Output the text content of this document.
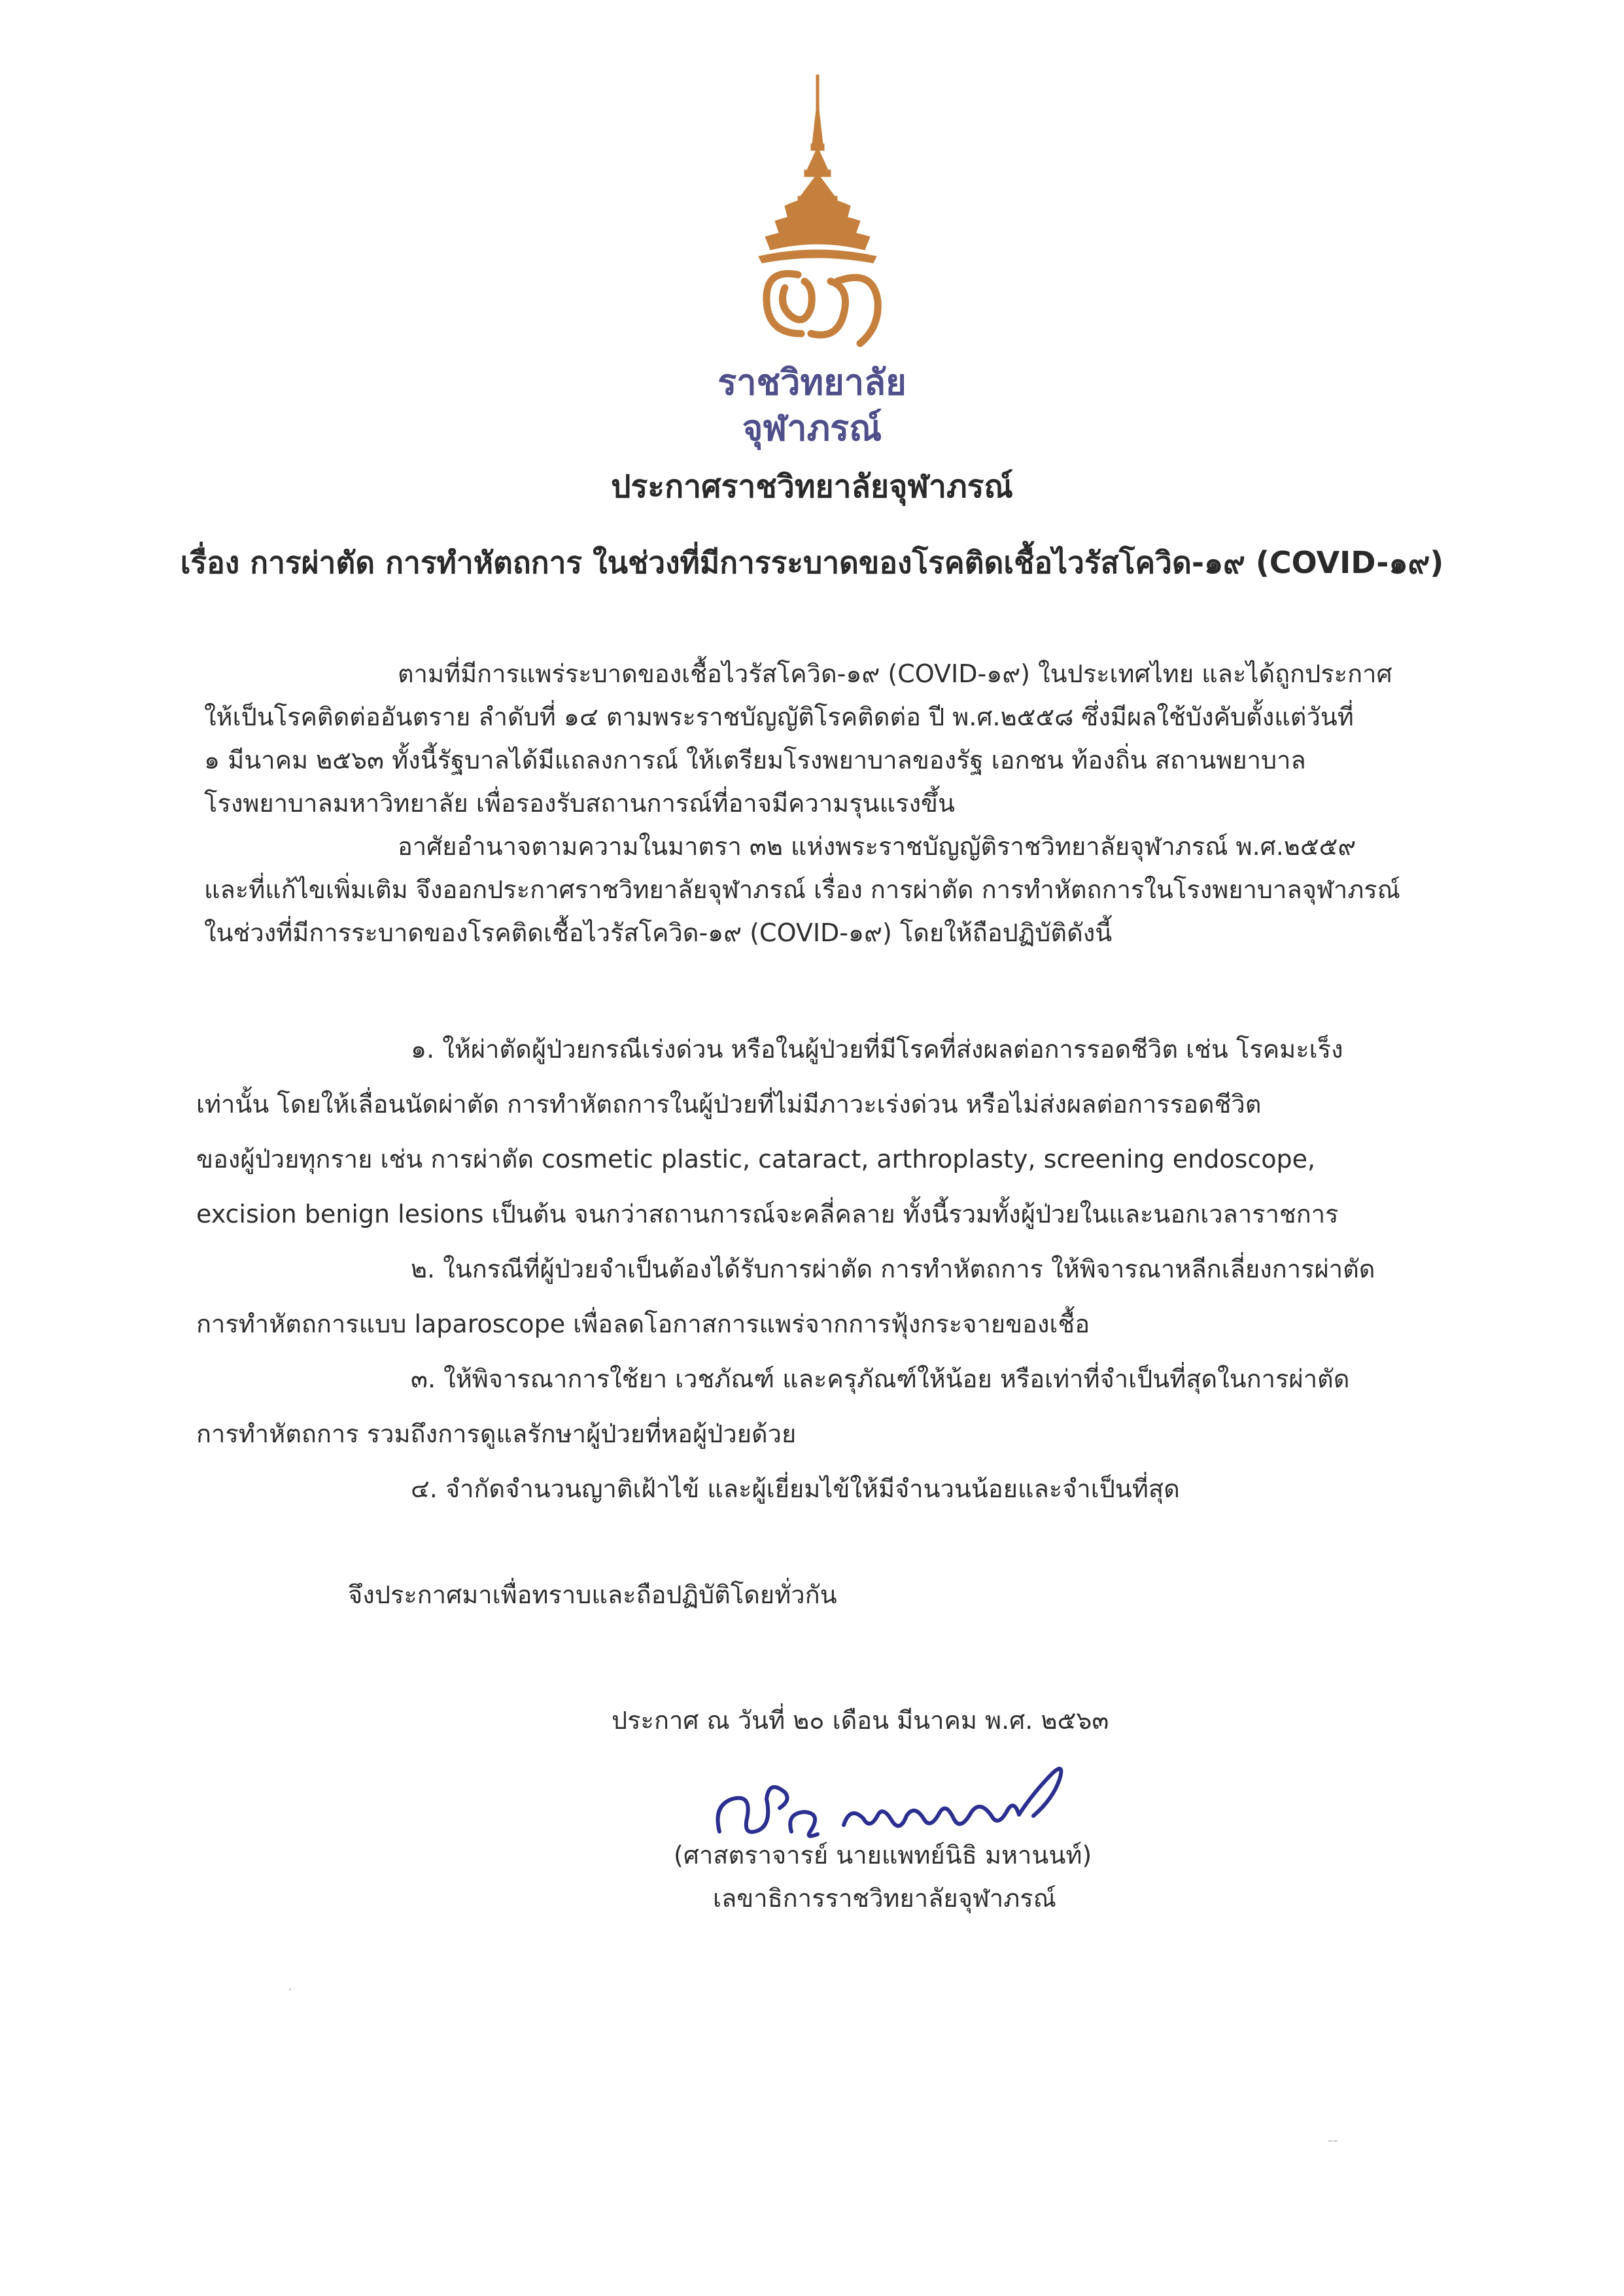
ราชวิทยาลัย
จุฬาภรณ์
ประกาศราชวิทยาลัยจุฬาภรณ์
เรื่อง การผ่าตัด การทำหัตถการ ในช่วงที่มีการระบาดของโรคติดเชื้อไวรัสโควิด-๑๙ (COVID-๑๙)
ตามที่มีการแพร่ระบาดของเชื้อไวรัสโควิด-๑๙ (COVID-๑๙) ในประเทศไทย และได้ถูกประกาศ
ให้เป็นโรคติดต่ออันตราย ลำดับที่ ๑๔ ตามพระราชบัญญัติโรคติดต่อ ปี พ.ศ.๒๕๕๘ ซึ่งมีผลใช้บังคับตั้งแต่วันที่
๑ มีนาคม ๒๕๖๓ ทั้งนี้รัฐบาลได้มีแถลงการณ์ ให้เตรียมโรงพยาบาลของรัฐ เอกชน ท้องถิ่น สถานพยาบาล
โรงพยาบาลมหาวิทยาลัย เพื่อรองรับสถานการณ์ที่อาจมีความรุนแรงขึ้น
อาศัยอำนาจตามความในมาตรา ๓๒ แห่งพระราชบัญญัติราชวิทยาลัยจุฬาภรณ์ พ.ศ.๒๕๕๙
และที่แก้ไขเพิ่มเติม จึงออกประกาศราชวิทยาลัยจุฬาภรณ์ เรื่อง การผ่าตัด การทำหัตถการในโรงพยาบาลจุฬาภรณ์
ในช่วงที่มีการระบาดของโรคติดเชื้อไวรัสโควิด-๑๙ (COVID-๑๙) โดยให้ถือปฏิบัติดังนี้
๑. ให้ผ่าตัดผู้ป่วยกรณีเร่งด่วน หรือในผู้ป่วยที่มีโรคที่ส่งผลต่อการรอดชีวิต เช่น โรคมะเร็ง
เท่านั้น โดยให้เลื่อนนัดผ่าตัด การทำหัตถการในผู้ป่วยที่ไม่มีภาวะเร่งด่วน หรือไม่ส่งผลต่อการรอดชีวิต
ของผู้ป่วยทุกราย เช่น การผ่าตัด cosmetic plastic, cataract, arthroplasty, screening endoscope,
excision benign lesions เป็นต้น จนกว่าสถานการณ์จะคลี่คลาย ทั้งนี้รวมทั้งผู้ป่วยในและนอกเวลาราชการ
๒. ในกรณีที่ผู้ป่วยจำเป็นต้องได้รับการผ่าตัด การทำหัตถการ ให้พิจารณาหลีกเลี่ยงการผ่าตัด
การทำหัตถการแบบ laparoscope เพื่อลดโอกาสการแพร่จากการฟุ้งกระจายของเชื้อ
๓. ให้พิจารณาการใช้ยา เวชภัณฑ์ และครุภัณฑ์ให้น้อย หรือเท่าที่จำเป็นที่สุดในการผ่าตัด
การทำหัตถการ รวมถึงการดูแลรักษาผู้ป่วยที่หอผู้ป่วยด้วย
๔. จำกัดจำนวนญาติเฝ้าไข้ และผู้เยี่ยมไข้ให้มีจำนวนน้อยและจำเป็นที่สุด
จึงประกาศมาเพื่อทราบและถือปฏิบัติโดยทั่วกัน
ประกาศ ณ วันที่ ๒๐ เดือน มีนาคม พ.ศ. ๒๕๖๓
(ศาสตราจารย์ นายแพทย์นิธิ มหานนท์)
เลขาธิการราชวิทยาลัยจุฬาภรณ์
·
--
